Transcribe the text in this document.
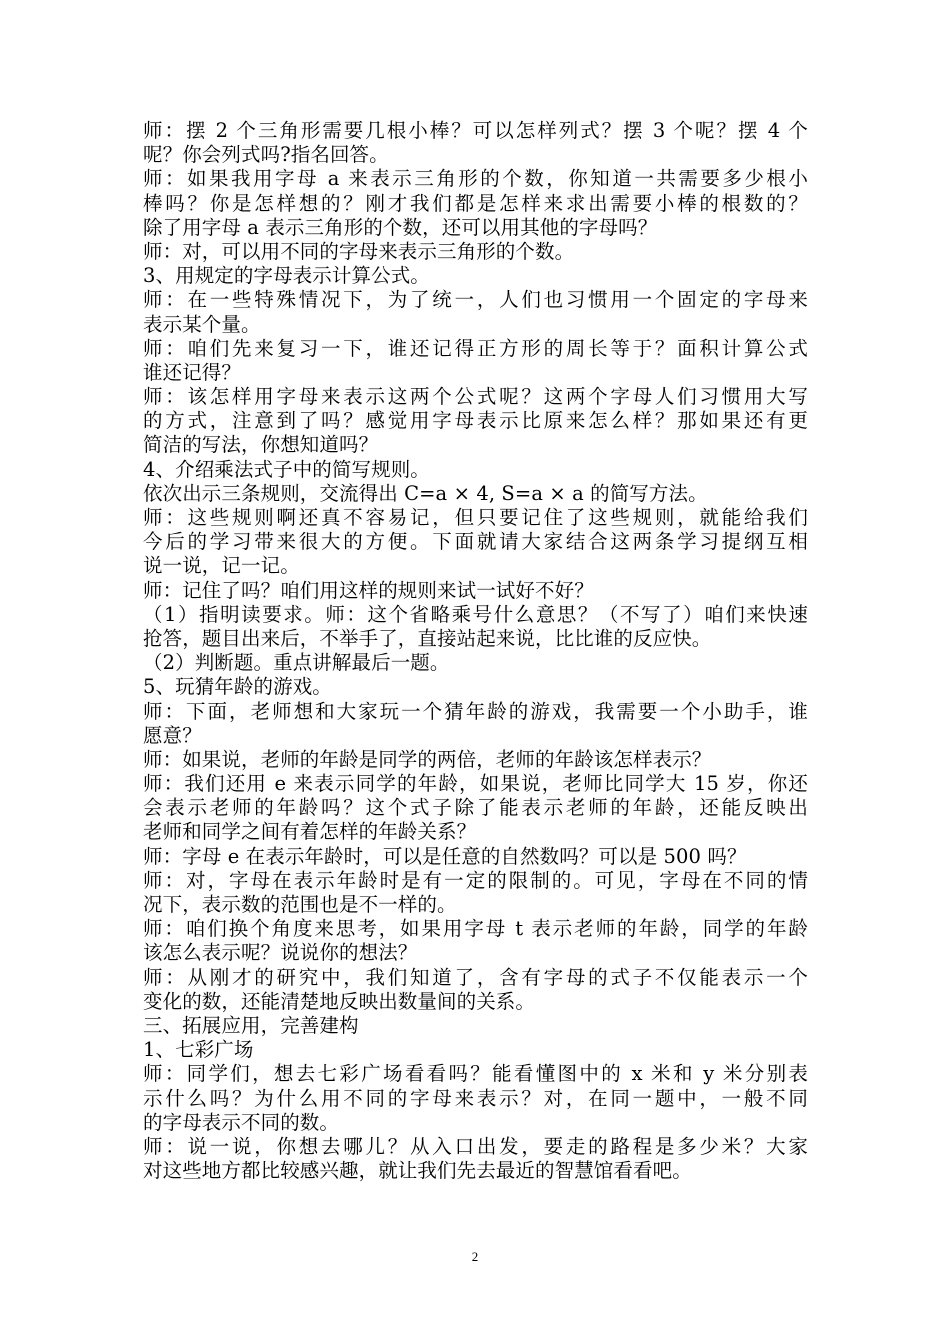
师：摆 2 个三角形需要几根小棒？可以怎样列式？摆 3 个呢？摆 4 个
呢？你会列式吗?指名回答。
师：如果我用字母 a 来表示三角形的个数，你知道一共需要多少根小
棒吗？你是怎样想的？刚才我们都是怎样来求出需要小棒的根数的？
除了用字母 a 表示三角形的个数，还可以用其他的字母吗？
师：对，可以用不同的字母来表示三角形的个数。
3、用规定的字母表示计算公式。
师：在一些特殊情况下，为了统一，人们也习惯用一个固定的字母来
表示某个量。
师：咱们先来复习一下，谁还记得正方形的周长等于？面积计算公式
谁还记得？
师：该怎样用字母来表示这两个公式呢？这两个字母人们习惯用大写
的方式，注意到了吗？感觉用字母表示比原来怎么样？那如果还有更
简洁的写法，你想知道吗？
4、介绍乘法式子中的简写规则。
依次出示三条规则，交流得出 C=a × 4, S=a × a 的简写方法。
师：这些规则啊还真不容易记，但只要记住了这些规则，就能给我们
今后的学习带来很大的方便。下面就请大家结合这两条学习提纲互相
说一说，记一记。
师：记住了吗？咱们用这样的规则来试一试好不好？
（1）指明读要求。师：这个省略乘号什么意思？（不写了）咱们来快速
抢答，题目出来后，不举手了，直接站起来说，比比谁的反应快。
（2）判断题。重点讲解最后一题。
5、玩猜年龄的游戏。
师：下面，老师想和大家玩一个猜年龄的游戏，我需要一个小助手，谁
愿意？
师：如果说，老师的年龄是同学的两倍，老师的年龄该怎样表示？
师：我们还用 e 来表示同学的年龄，如果说，老师比同学大 15 岁，你还
会表示老师的年龄吗？这个式子除了能表示老师的年龄，还能反映出
老师和同学之间有着怎样的年龄关系？
师：字母 e 在表示年龄时，可以是任意的自然数吗？可以是 500 吗？
师：对，字母在表示年龄时是有一定的限制的。可见，字母在不同的情
况下，表示数的范围也是不一样的。
师：咱们换个角度来思考，如果用字母 t 表示老师的年龄，同学的年龄
该怎么表示呢？说说你的想法？
师：从刚才的研究中，我们知道了，含有字母的式子不仅能表示一个
变化的数，还能清楚地反映出数量间的关系。
三、拓展应用，完善建构
1、七彩广场
师：同学们，想去七彩广场看看吗？能看懂图中的 x 米和 y 米分别表
示什么吗？为什么用不同的字母来表示？对，在同一题中，一般不同
的字母表示不同的数。
师：说一说，你想去哪儿？从入口出发，要走的路程是多少米？大家
对这些地方都比较感兴趣，就让我们先去最近的智慧馆看看吧。
2
